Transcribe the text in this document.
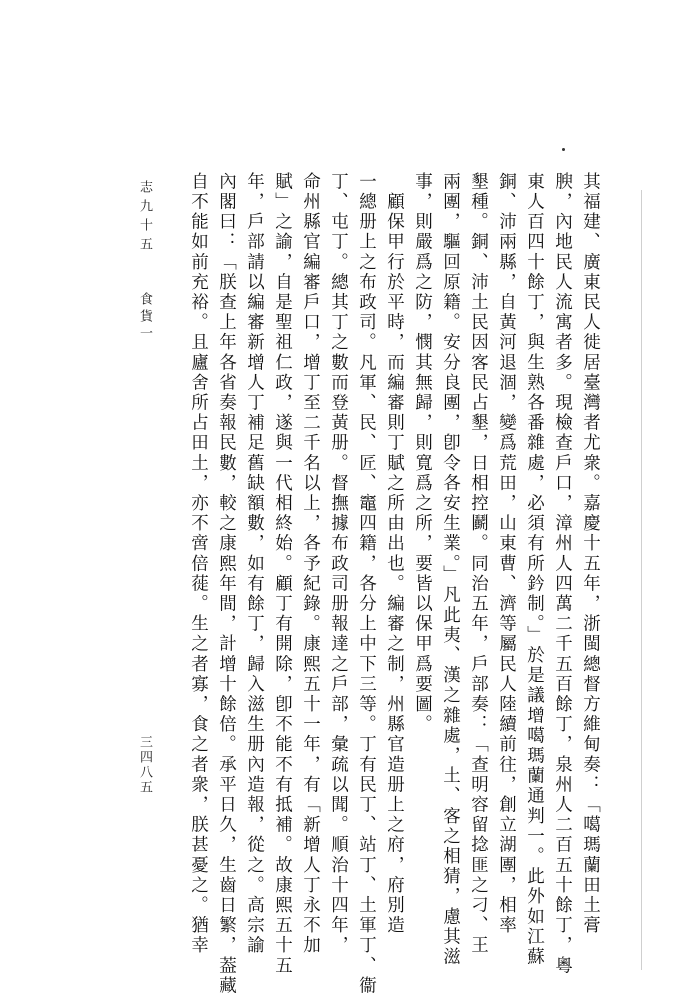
其福建、廣東民人徙居臺灣者尤衆。嘉慶十五年，浙閩總督方維甸奏：「噶瑪蘭田土膏
腴，內地民人流寓者多。現檢查戶口，漳州人四萬二千五百餘丁，泉州人二百五十餘丁，粵
東人百四十餘丁，與生熟各番雜處，必須有所鈐制。」於是議增噶瑪蘭通判一。此外如江蘇
銅、沛兩縣，自黃河退涸，變爲荒田，山東曹、濟等屬民人陸續前往，創立湖團，相率
墾種。銅、沛土民因客民占墾，日相控鬬。同治五年，戶部奏：「查明容留捻匪之刁、王
兩團，驅回原籍。安分良團，卽令各安生業。」凡此夷、漢之雜處，土、客之相猜，慮其滋
事，則嚴爲之防，憫其無歸，則寬爲之所，要皆以保甲爲要圖。
　顧保甲行於平時，而編審則丁賦之所由出也。編審之制，州縣官造册上之府，府別造
一總册上之布政司。凡軍、民、匠、竈四籍，各分上中下三等。丁有民丁、站丁、土軍丁、衞
丁、屯丁。總其丁之數而登黃册。督撫據布政司册報達之戶部，彙疏以聞。順治十四年，
命州縣官編審戶口，增丁至二千名以上，各予紀錄。康熙五十一年，有「新增人丁永不加
賦」之諭，自是聖祖仁政，遂與一代相終始。顧丁有開除，卽不能不有抵補。故康熙五十五
年，戶部請以編審新增人丁補足舊缺額數，如有餘丁，歸入滋生册內造報，從之。高宗諭
內閣曰：「朕查上年各省奏報民數，較之康熙年間，計增十餘倍。承平日久，生齒日繁，葢藏
自不能如前充裕。且廬舍所占田土，亦不啻倍蓰。生之者寡，食之者衆，朕甚憂之。猶幸
志九十五
食貨一
三四八五
